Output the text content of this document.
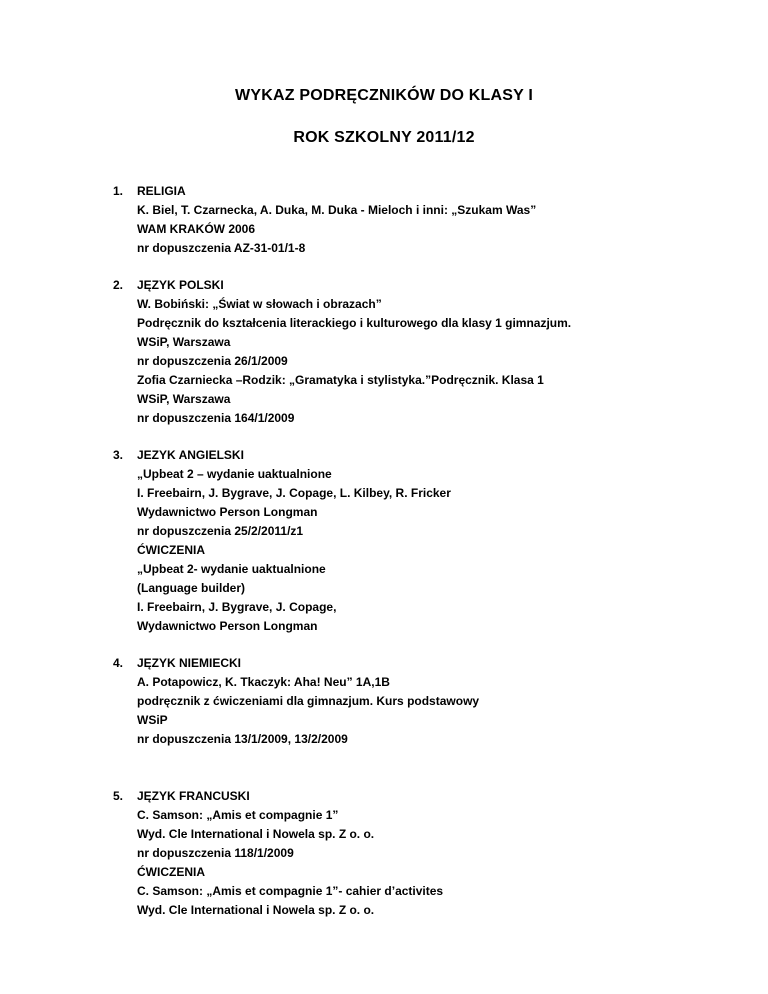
WYKAZ PODRĘCZNIKÓW DO KLASY I
ROK SZKOLNY 2011/12
1. RELIGIA
K. Biel, T. Czarnecka, A. Duka, M. Duka - Mieloch i inni: „Szukam Was”
WAM KRAKÓW 2006
nr dopuszczenia AZ-31-01/1-8
2. JĘZYK POLSKI
W. Bobiński: „Świat w słowach i obrazach”
Podręcznik do kształcenia literackiego i kulturowego dla klasy 1 gimnazjum.
WSiP, Warszawa
nr dopuszczenia 26/1/2009
Zofia Czarniecka –Rodzik: „Gramatyka i stylistyka.”Podręcznik. Klasa 1
WSiP, Warszawa
nr dopuszczenia 164/1/2009
3. JEZYK ANGIELSKI
„Upbeat 2 – wydanie uaktualnione
I. Freebairn, J. Bygrave, J. Copage, L. Kilbey, R. Fricker
Wydawnictwo Person Longman
nr dopuszczenia 25/2/2011/z1
ĆWICZENIA
„Upbeat 2- wydanie uaktualnione
(Language builder)
I. Freebairn, J. Bygrave, J. Copage,
Wydawnictwo Person Longman
4. JĘZYK NIEMIECKI
A. Potapowicz, K. Tkaczyk: Aha! Neu” 1A,1B
podręcznik z ćwiczeniami dla gimnazjum. Kurs podstawowy
WSiP
nr dopuszczenia 13/1/2009, 13/2/2009
5. JĘZYK FRANCUSKI
C. Samson: „Amis et compagnie 1”
Wyd. Cle International i Nowela sp. Z o. o.
nr dopuszczenia 118/1/2009
ĆWICZENIA
C. Samson: „Amis et compagnie 1”- cahier d’activites
Wyd. Cle International i Nowela sp. Z o. o.
